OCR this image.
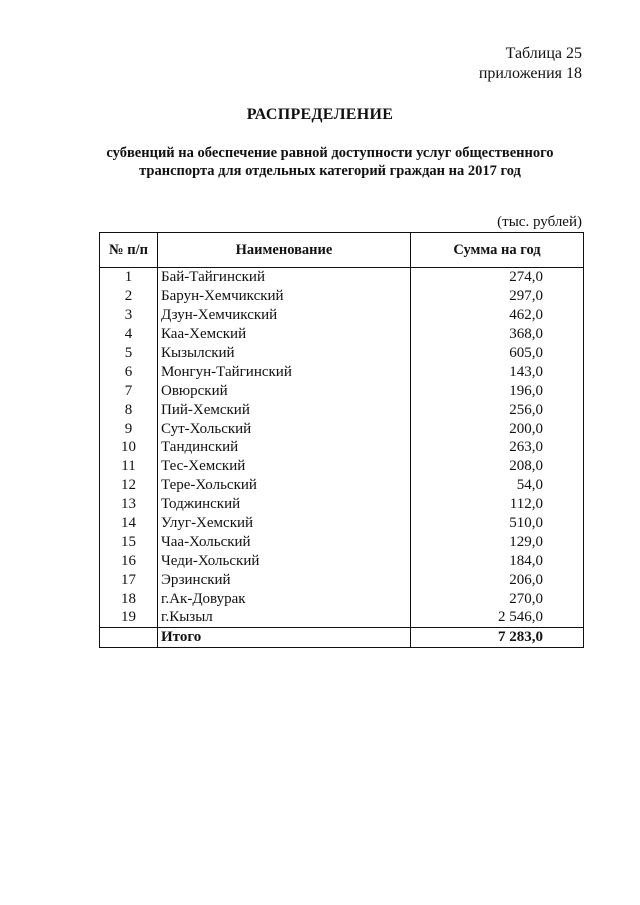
Таблица 25
приложения 18
РАСПРЕДЕЛЕНИЕ
субвенций на обеспечение равной доступности услуг общественного
транспорта для отдельных категорий граждан на 2017 год
(тыс. рублей)
№ п/п	Наименование	Сумма на год
1	Бай-Тайгинский	274,0
2	Барун-Хемчикский	297,0
3	Дзун-Хемчикский	462,0
4	Каа-Хемский	368,0
5	Кызылский	605,0
6	Монгун-Тайгинский	143,0
7	Овюрский	196,0
8	Пий-Хемский	256,0
9	Сут-Хольский	200,0
10	Тандинский	263,0
11	Тес-Хемский	208,0
12	Тере-Хольский	54,0
13	Тоджинский	112,0
14	Улуг-Хемский	510,0
15	Чаа-Хольский	129,0
16	Чеди-Хольский	184,0
17	Эрзинский	206,0
18	г.Ак-Довурак	270,0
19	г.Кызыл	2 546,0
	Итого	7 283,0
